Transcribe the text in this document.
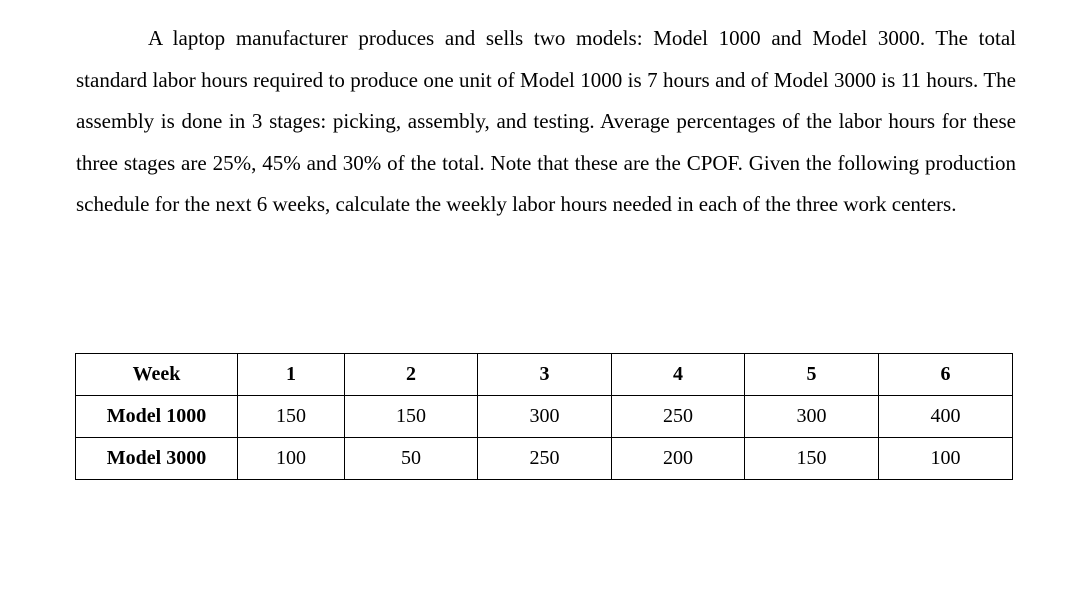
A laptop manufacturer produces and sells two models: Model 1000 and Model 3000. The total standard labor hours required to produce one unit of Model 1000 is 7 hours and of Model 3000 is 11 hours. The assembly is done in 3 stages: picking, assembly, and testing. Average percentages of the labor hours for these three stages are 25%, 45% and 30% of the total. Note that these are the CPOF. Given the following production schedule for the next 6 weeks, calculate the weekly labor hours needed in each of the three work centers.

Week	1	2	3	4	5	6
Model 1000	150	150	300	250	300	400
Model 3000	100	50	250	200	150	100
